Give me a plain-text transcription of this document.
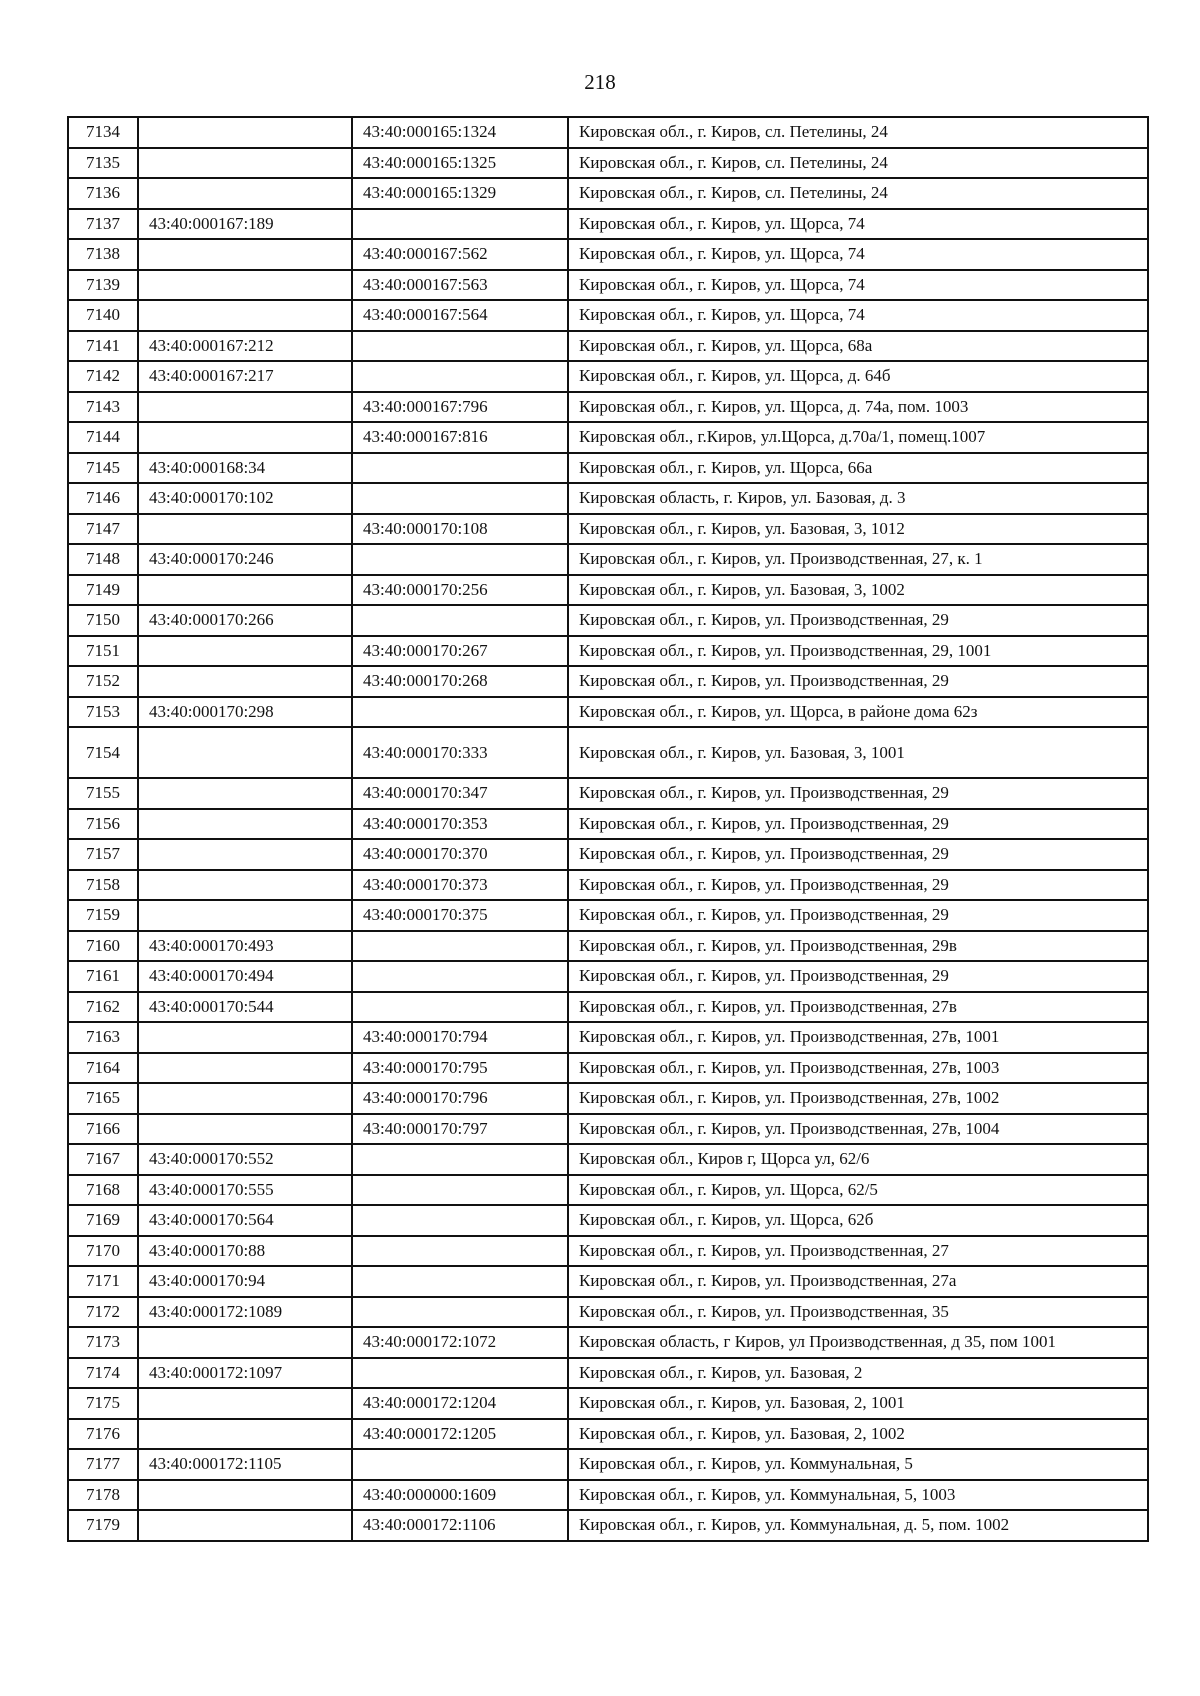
218
7134		43:40:000165:1324	Кировская обл., г. Киров, сл. Петелины, 24
7135		43:40:000165:1325	Кировская обл., г. Киров, сл. Петелины, 24
7136		43:40:000165:1329	Кировская обл., г. Киров, сл. Петелины, 24
7137	43:40:000167:189		Кировская обл., г. Киров, ул. Щорса, 74
7138		43:40:000167:562	Кировская обл., г. Киров, ул. Щорса, 74
7139		43:40:000167:563	Кировская обл., г. Киров, ул. Щорса, 74
7140		43:40:000167:564	Кировская обл., г. Киров, ул. Щорса, 74
7141	43:40:000167:212		Кировская обл., г. Киров, ул. Щорса, 68а
7142	43:40:000167:217		Кировская обл., г. Киров, ул. Щорса, д. 64б
7143		43:40:000167:796	Кировская обл., г. Киров, ул. Щорса, д. 74а, пом. 1003
7144		43:40:000167:816	Кировская обл., г.Киров, ул.Щорса, д.70а/1, помещ.1007
7145	43:40:000168:34		Кировская обл., г. Киров, ул. Щорса, 66а
7146	43:40:000170:102		Кировская область, г. Киров, ул. Базовая, д. 3
7147		43:40:000170:108	Кировская обл., г. Киров, ул. Базовая, 3, 1012
7148	43:40:000170:246		Кировская обл., г. Киров, ул. Производственная, 27, к. 1
7149		43:40:000170:256	Кировская обл., г. Киров, ул. Базовая, 3, 1002
7150	43:40:000170:266		Кировская обл., г. Киров, ул. Производственная, 29
7151		43:40:000170:267	Кировская обл., г. Киров, ул. Производственная, 29, 1001
7152		43:40:000170:268	Кировская обл., г. Киров, ул. Производственная, 29
7153	43:40:000170:298		Кировская обл., г. Киров, ул. Щорса, в районе дома 62з
7154		43:40:000170:333	Кировская обл., г. Киров, ул. Базовая, 3, 1001
7155		43:40:000170:347	Кировская обл., г. Киров, ул. Производственная, 29
7156		43:40:000170:353	Кировская обл., г. Киров, ул. Производственная, 29
7157		43:40:000170:370	Кировская обл., г. Киров, ул. Производственная, 29
7158		43:40:000170:373	Кировская обл., г. Киров, ул. Производственная, 29
7159		43:40:000170:375	Кировская обл., г. Киров, ул. Производственная, 29
7160	43:40:000170:493		Кировская обл., г. Киров, ул. Производственная, 29в
7161	43:40:000170:494		Кировская обл., г. Киров, ул. Производственная, 29
7162	43:40:000170:544		Кировская обл., г. Киров, ул. Производственная, 27в
7163		43:40:000170:794	Кировская обл., г. Киров, ул. Производственная, 27в, 1001
7164		43:40:000170:795	Кировская обл., г. Киров, ул. Производственная, 27в, 1003
7165		43:40:000170:796	Кировская обл., г. Киров, ул. Производственная, 27в, 1002
7166		43:40:000170:797	Кировская обл., г. Киров, ул. Производственная, 27в, 1004
7167	43:40:000170:552		Кировская обл., Киров г, Щорса ул, 62/6
7168	43:40:000170:555		Кировская обл., г. Киров, ул. Щорса, 62/5
7169	43:40:000170:564		Кировская обл., г. Киров, ул. Щорса, 62б
7170	43:40:000170:88		Кировская обл., г. Киров, ул. Производственная, 27
7171	43:40:000170:94		Кировская обл., г. Киров, ул. Производственная, 27а
7172	43:40:000172:1089		Кировская обл., г. Киров, ул. Производственная, 35
7173		43:40:000172:1072	Кировская область, г Киров, ул Производственная, д 35, пом 1001
7174	43:40:000172:1097		Кировская обл., г. Киров, ул. Базовая, 2
7175		43:40:000172:1204	Кировская обл., г. Киров, ул. Базовая, 2, 1001
7176		43:40:000172:1205	Кировская обл., г. Киров, ул. Базовая, 2, 1002
7177	43:40:000172:1105		Кировская обл., г. Киров, ул. Коммунальная, 5
7178		43:40:000000:1609	Кировская обл., г. Киров, ул. Коммунальная, 5, 1003
7179		43:40:000172:1106	Кировская обл., г. Киров, ул. Коммунальная, д. 5, пом. 1002
